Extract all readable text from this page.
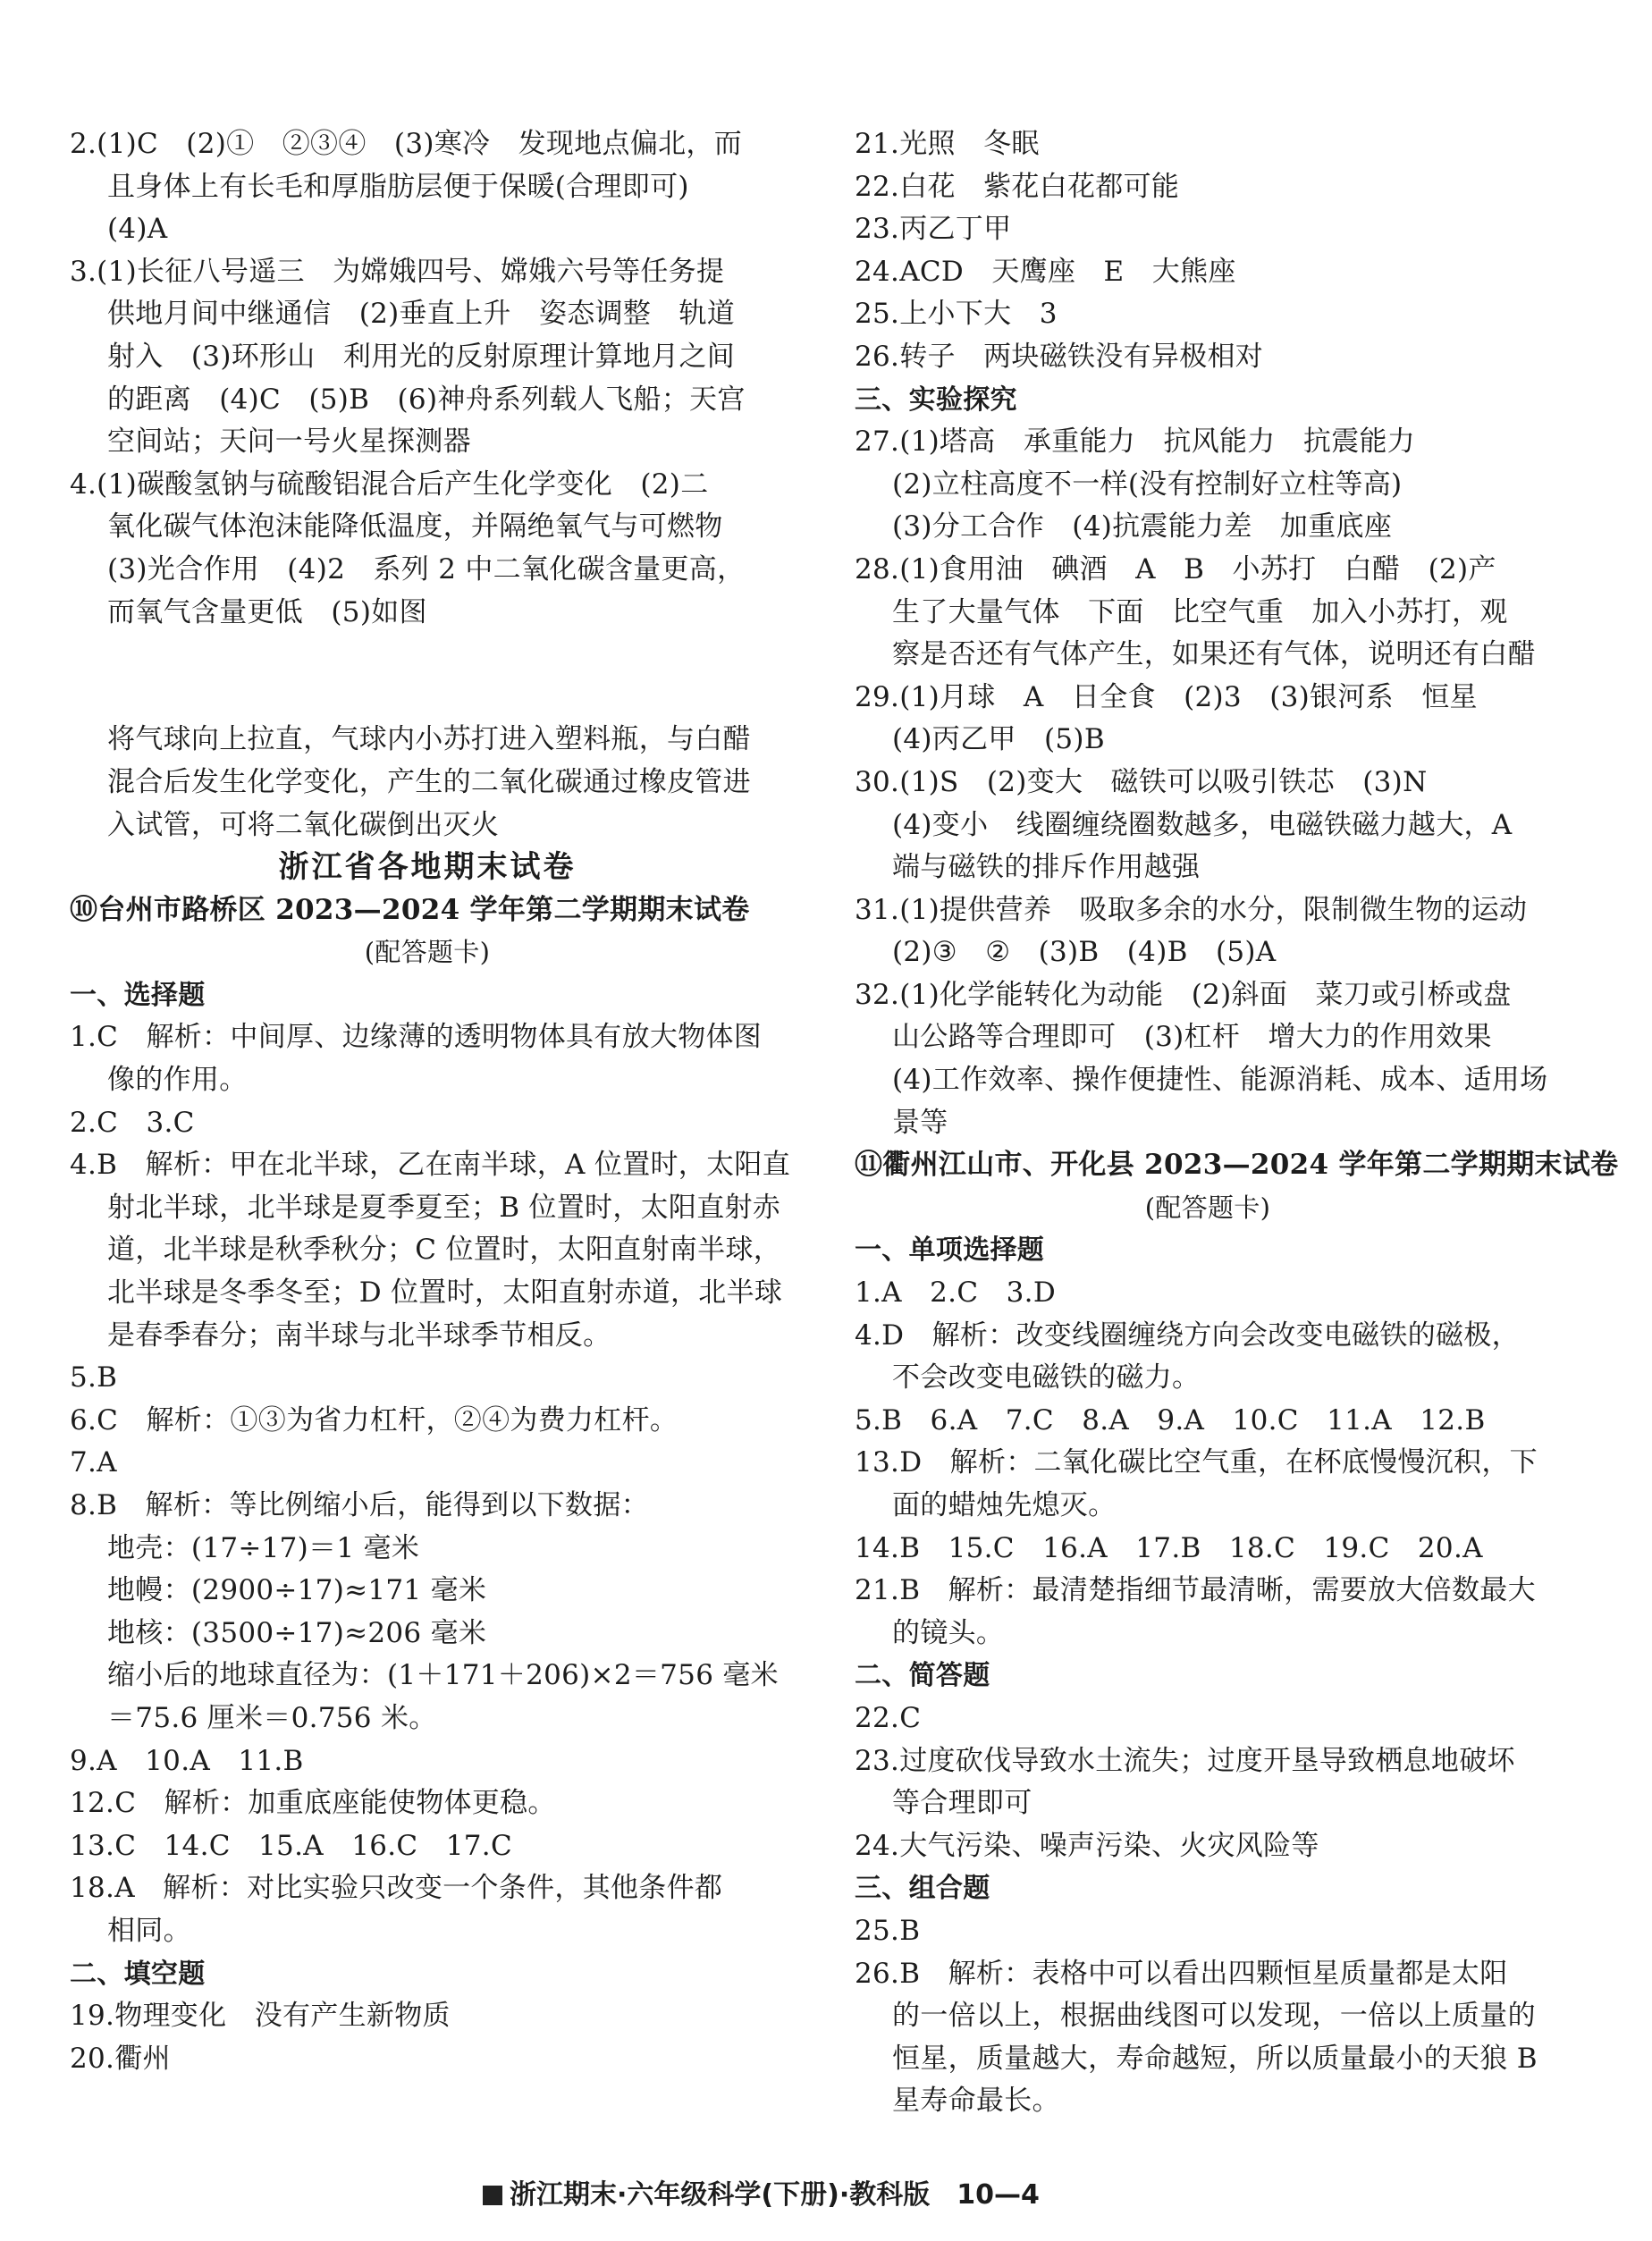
2.(1)C　(2)①　②③④　(3)寒冷　发现地点偏北，而
且身体上有长毛和厚脂肪层便于保暖(合理即可)
(4)A
3.(1)长征八号遥三　为嫦娥四号、嫦娥六号等任务提
供地月间中继通信　(2)垂直上升　姿态调整　轨道
射入　(3)环形山　利用光的反射原理计算地月之间
的距离　(4)C　(5)B　(6)神舟系列载人飞船；天宫
空间站；天问一号火星探测器
4.(1)碳酸氢钠与硫酸铝混合后产生化学变化　(2)二
氧化碳气体泡沫能降低温度，并隔绝氧气与可燃物
(3)光合作用　(4)2　系列 2 中二氧化碳含量更高，
而氧气含量更低　(5)如图
将气球向上拉直，气球内小苏打进入塑料瓶，与白醋
混合后发生化学变化，产生的二氧化碳通过橡皮管进
入试管，可将二氧化碳倒出灭火
浙江省各地期末试卷
⑩台州市路桥区 2023—2024 学年第二学期期末试卷
(配答题卡)
一、选择题
1.C　解析：中间厚、边缘薄的透明物体具有放大物体图
像的作用。
2.C　3.C
4.B　解析：甲在北半球，乙在南半球，A 位置时，太阳直
射北半球，北半球是夏季夏至；B 位置时，太阳直射赤
道，北半球是秋季秋分；C 位置时，太阳直射南半球，
北半球是冬季冬至；D 位置时，太阳直射赤道，北半球
是春季春分；南半球与北半球季节相反。
5.B
6.C　解析：①③为省力杠杆，②④为费力杠杆。
7.A
8.B　解析：等比例缩小后，能得到以下数据：
地壳：(17÷17)＝1 毫米
地幔：(2900÷17)≈171 毫米
地核：(3500÷17)≈206 毫米
缩小后的地球直径为：(1＋171＋206)×2＝756 毫米
＝75.6 厘米＝0.756 米。
9.A　10.A　11.B
12.C　解析：加重底座能使物体更稳。
13.C　14.C　15.A　16.C　17.C
18.A　解析：对比实验只改变一个条件，其他条件都
相同。
二、填空题
19.物理变化　没有产生新物质
20.衢州
21.光照　冬眠
22.白花　紫花白花都可能
23.丙乙丁甲
24.ACD　天鹰座　E　大熊座
25.上小下大　3
26.转子　两块磁铁没有异极相对
三、实验探究
27.(1)塔高　承重能力　抗风能力　抗震能力
(2)立柱高度不一样(没有控制好立柱等高)
(3)分工合作　(4)抗震能力差　加重底座
28.(1)食用油　碘酒　A　B　小苏打　白醋　(2)产
生了大量气体　下面　比空气重　加入小苏打，观
察是否还有气体产生，如果还有气体，说明还有白醋
29.(1)月球　A　日全食　(2)3　(3)银河系　恒星
(4)丙乙甲　(5)B
30.(1)S　(2)变大　磁铁可以吸引铁芯　(3)N
(4)变小　线圈缠绕圈数越多，电磁铁磁力越大，A
端与磁铁的排斥作用越强
31.(1)提供营养　吸取多余的水分，限制微生物的运动
(2)③　②　(3)B　(4)B　(5)A
32.(1)化学能转化为动能　(2)斜面　菜刀或引桥或盘
山公路等合理即可　(3)杠杆　增大力的作用效果
(4)工作效率、操作便捷性、能源消耗、成本、适用场
景等
⑪衢州江山市、开化县 2023—2024 学年第二学期期末试卷
(配答题卡)
一、单项选择题
1.A　2.C　3.D
4.D　解析：改变线圈缠绕方向会改变电磁铁的磁极，
不会改变电磁铁的磁力。
5.B　6.A　7.C　8.A　9.A　10.C　11.A　12.B
13.D　解析：二氧化碳比空气重，在杯底慢慢沉积，下
面的蜡烛先熄灭。
14.B　15.C　16.A　17.B　18.C　19.C　20.A
21.B　解析：最清楚指细节最清晰，需要放大倍数最大
的镜头。
二、简答题
22.C
23.过度砍伐导致水土流失；过度开垦导致栖息地破坏
等合理即可
24.大气污染、噪声污染、火灾风险等
三、组合题
25.B
26.B　解析：表格中可以看出四颗恒星质量都是太阳
的一倍以上，根据曲线图可以发现，一倍以上质量的
恒星，质量越大，寿命越短，所以质量最小的天狼 B
星寿命最长。
浙江期末·六年级科学(下册)·教科版　10—4
